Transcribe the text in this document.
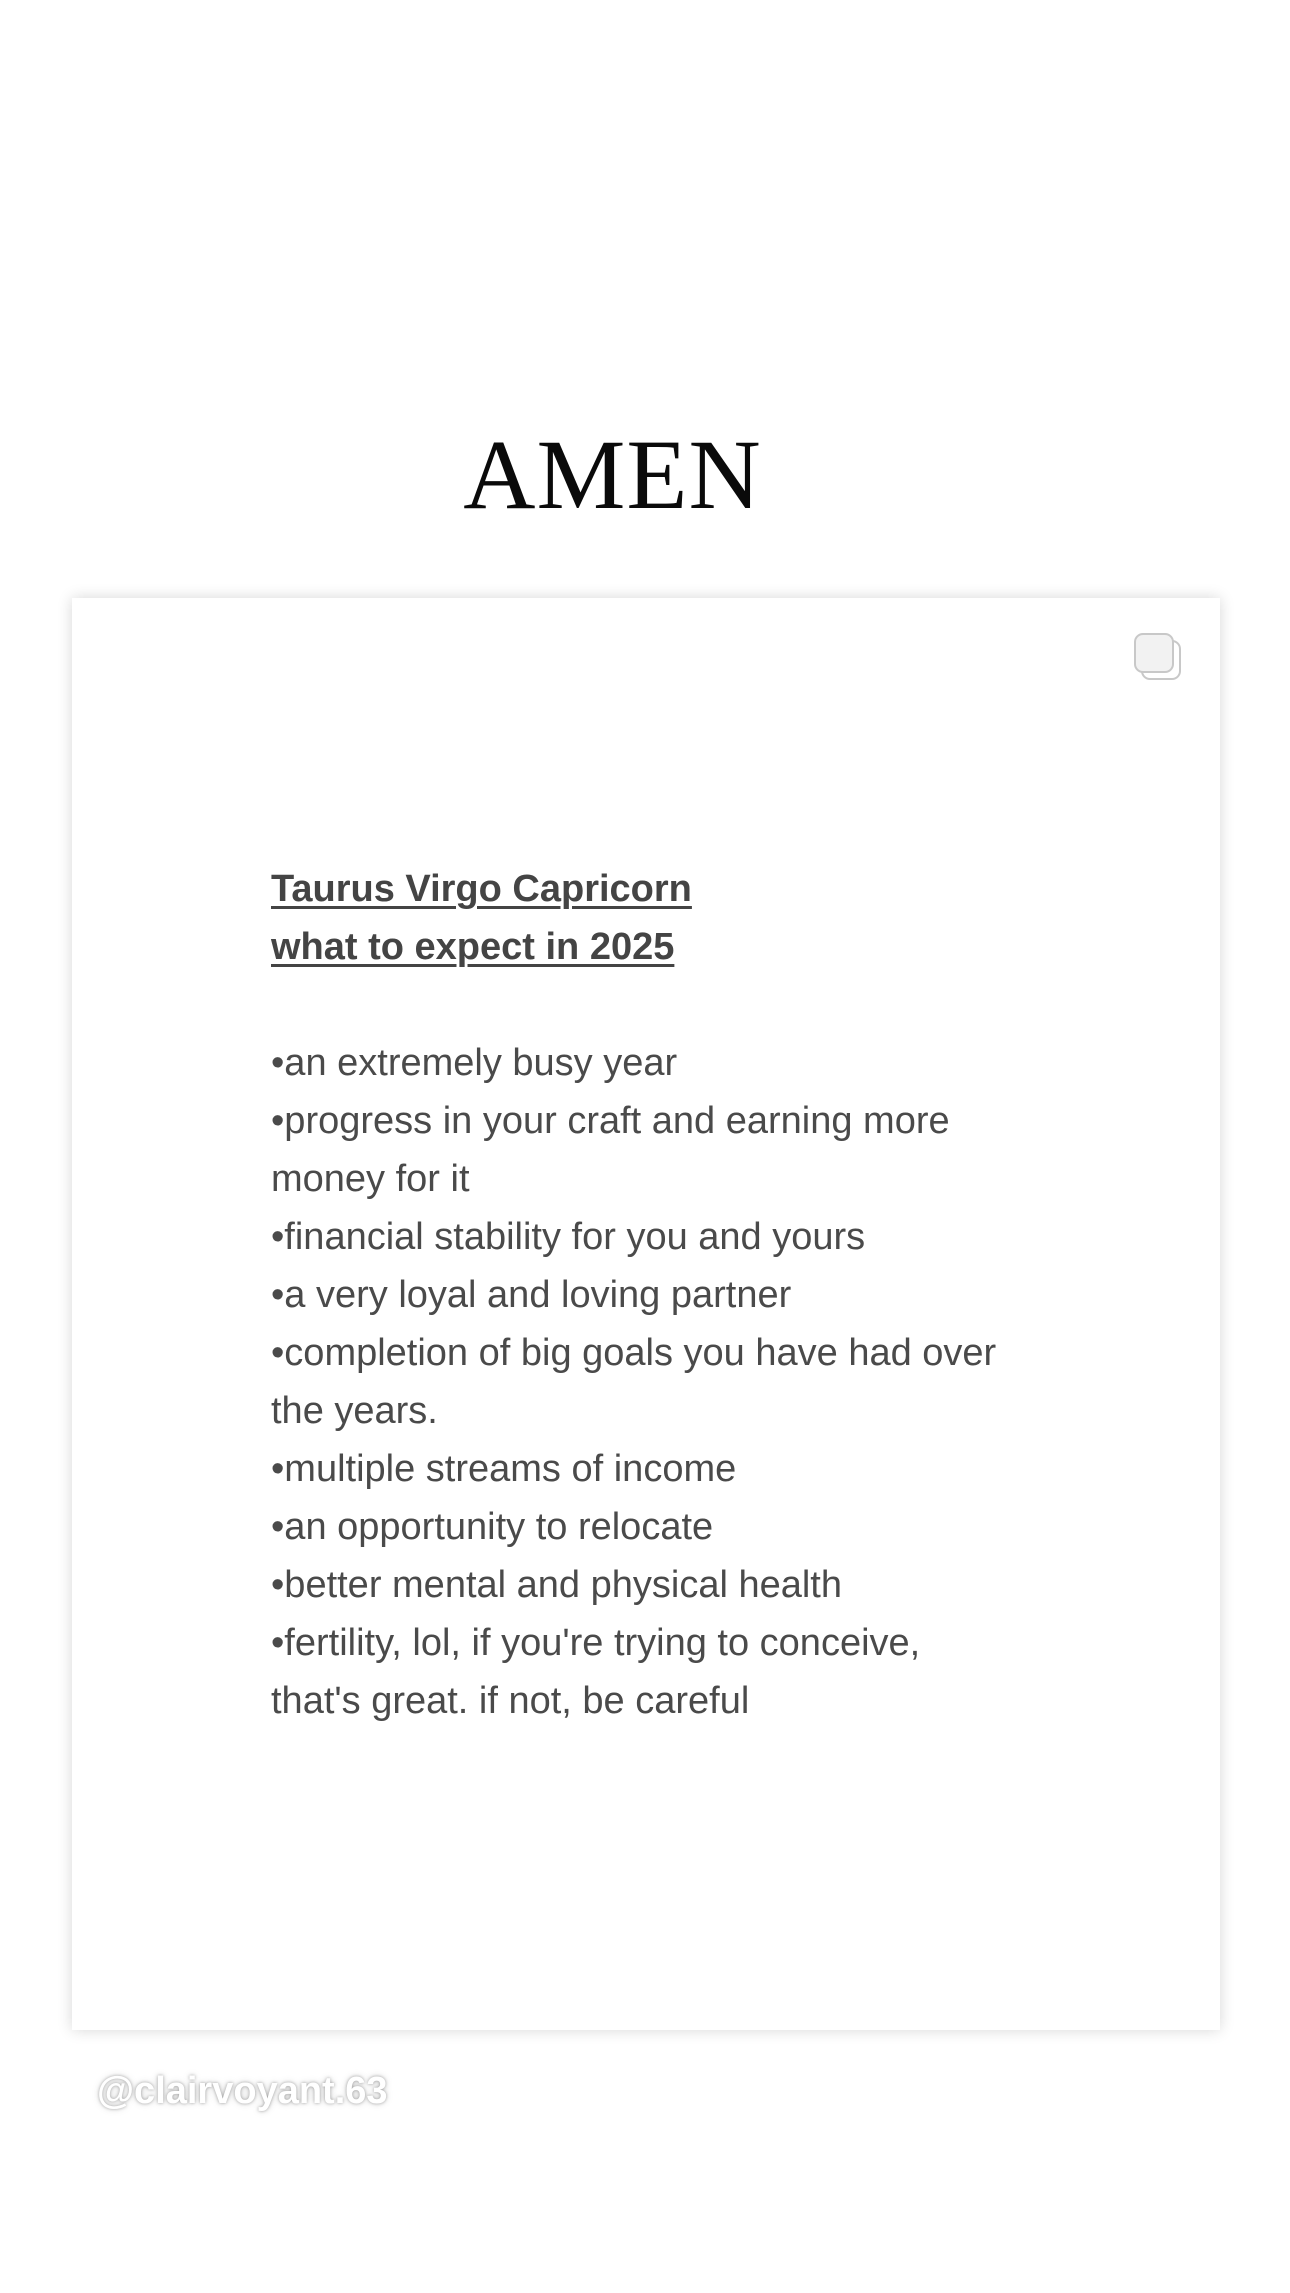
AMEN
Taurus Virgo Capricorn
what to expect in 2025
•an extremely busy year
•progress in your craft and earning more
money for it
•financial stability for you and yours
•a very loyal and loving partner
•completion of big goals you have had over
the years.
•multiple streams of income
•an opportunity to relocate
•better mental and physical health
•fertility, lol, if you're trying to conceive,
that's great. if not, be careful
@clairvoyant.63
